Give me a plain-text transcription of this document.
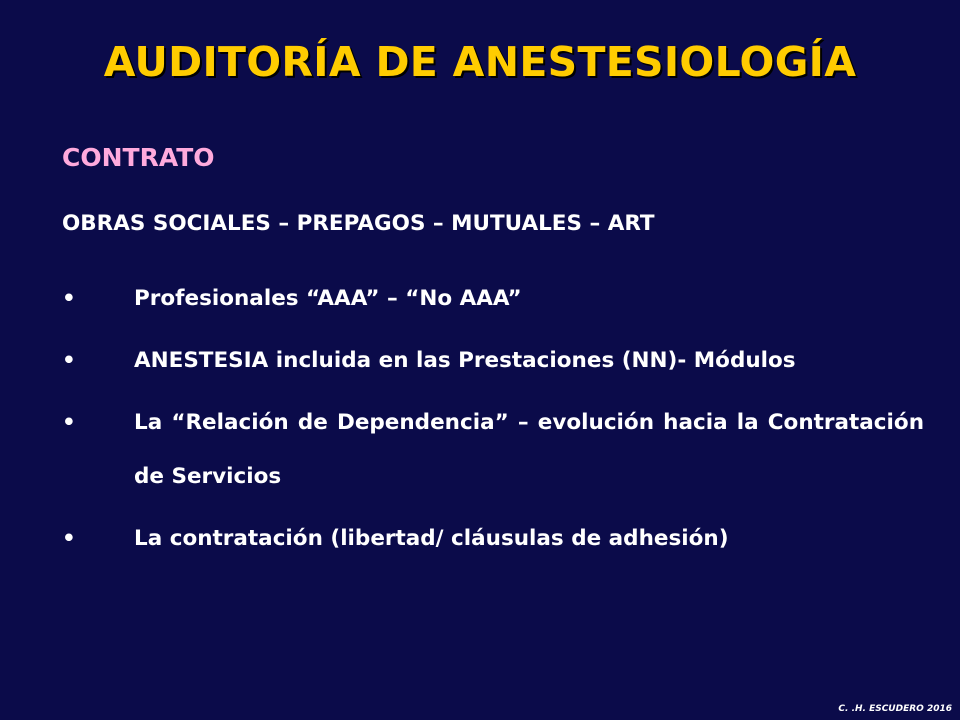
AUDITORÍA DE ANESTESIOLOGÍA
CONTRATO
OBRAS SOCIALES – PREPAGOS – MUTUALES – ART
•	Profesionales “AAA” – “No AAA”
•	ANESTESIA incluida en las Prestaciones (NN)- Módulos
•	La “Relación de Dependencia” – evolución hacia la Contratación de Servicios
•	La contratación (libertad/ cláusulas de adhesión)
C. .H. ESCUDERO 2016
